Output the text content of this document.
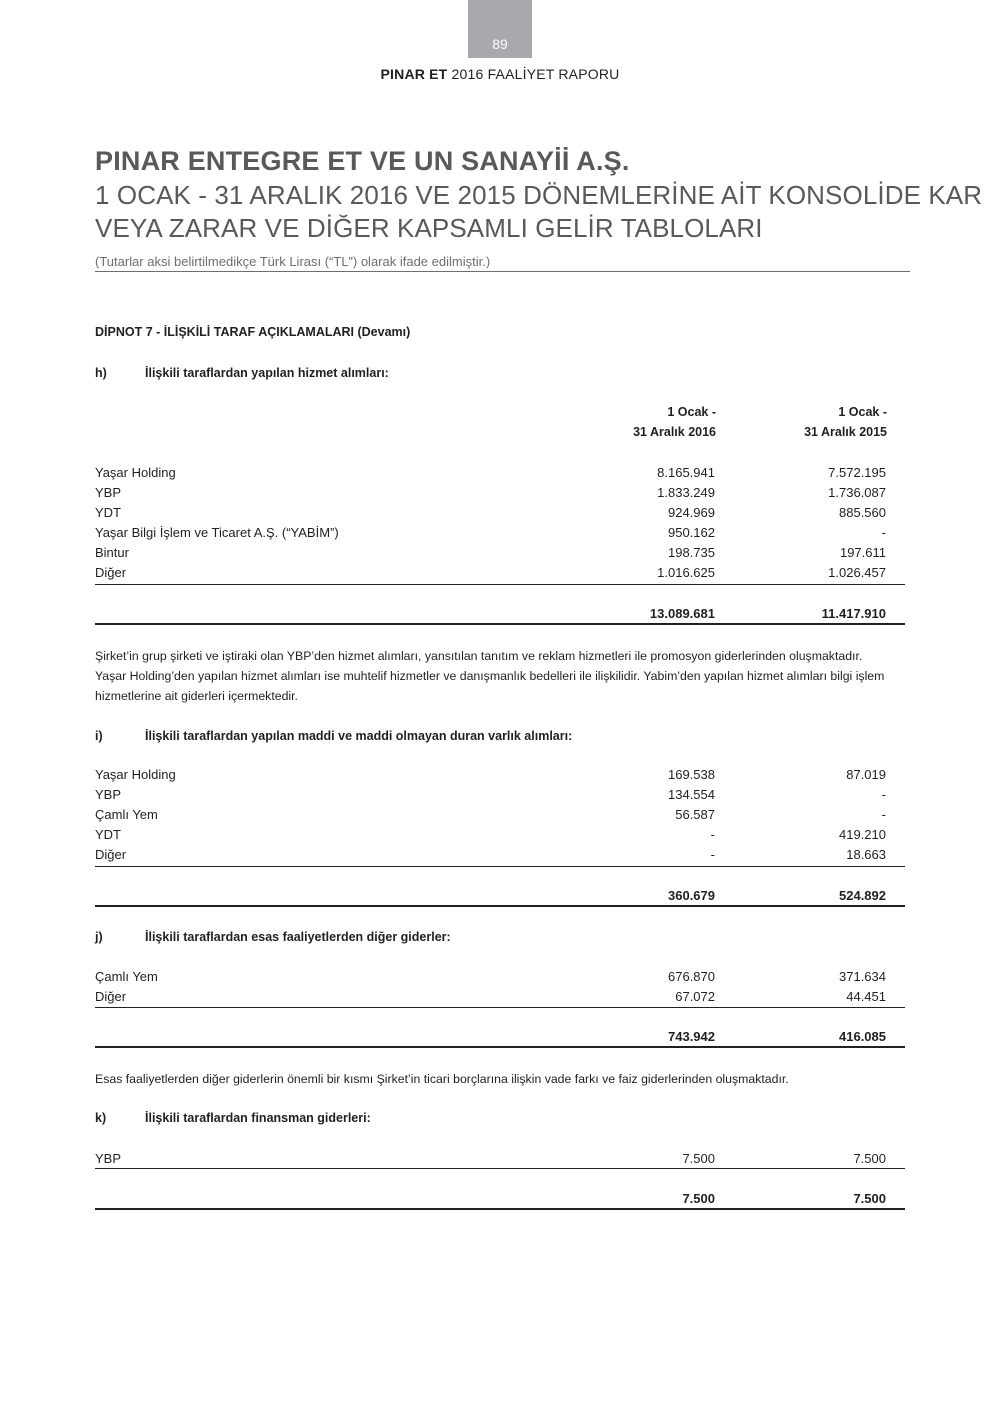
89
PINAR ET 2016 FAALİYET RAPORU
PINAR ENTEGRE ET VE UN SANAYİİ A.Ş.
1 OCAK - 31 ARALIK 2016 VE 2015 DÖNEMLERİNE AİT KONSOLİDE KAR
VEYA ZARAR VE DİĞER KAPSAMLI GELİR TABLOLARI
(Tutarlar aksi belirtilmedikçe Türk Lirası (“TL”) olarak ifade edilmiştir.)
DİPNOT 7 - İLİŞKİLİ TARAF AÇIKLAMALARI (Devamı)
h)	İlişkili taraflardan yapılan hizmet alımları:
1 Ocak -
31 Aralık 2016
1 Ocak -
31 Aralık 2015
Yaşar Holding	8.165.941	7.572.195
YBP	1.833.249	1.736.087
YDT	924.969	885.560
Yaşar Bilgi İşlem ve Ticaret A.Ş. (“YABİM”)	950.162	-
Bintur	198.735	197.611
Diğer	1.016.625	1.026.457
13.089.681	11.417.910
Şirket’in grup şirketi ve iştiraki olan YBP’den hizmet alımları, yansıtılan tanıtım ve reklam hizmetleri ile promosyon giderlerinden oluşmaktadır.
Yaşar Holding’den yapılan hizmet alımları ise muhtelif hizmetler ve danışmanlık bedelleri ile ilişkilidir. Yabim’den yapılan hizmet alımları bilgi işlem
hizmetlerine ait giderleri içermektedir.
i)	İlişkili taraflardan yapılan maddi ve maddi olmayan duran varlık alımları:
Yaşar Holding	169.538	87.019
YBP	134.554	-
Çamlı Yem	56.587	-
YDT	-	419.210
Diğer	-	18.663
360.679	524.892
j)	İlişkili taraflardan esas faaliyetlerden diğer giderler:
Çamlı Yem	676.870	371.634
Diğer	67.072	44.451
743.942	416.085
Esas faaliyetlerden diğer giderlerin önemli bir kısmı Şirket’in ticari borçlarına ilişkin vade farkı ve faiz giderlerinden oluşmaktadır.
k)	İlişkili taraflardan finansman giderleri:
YBP	7.500	7.500
7.500	7.500
